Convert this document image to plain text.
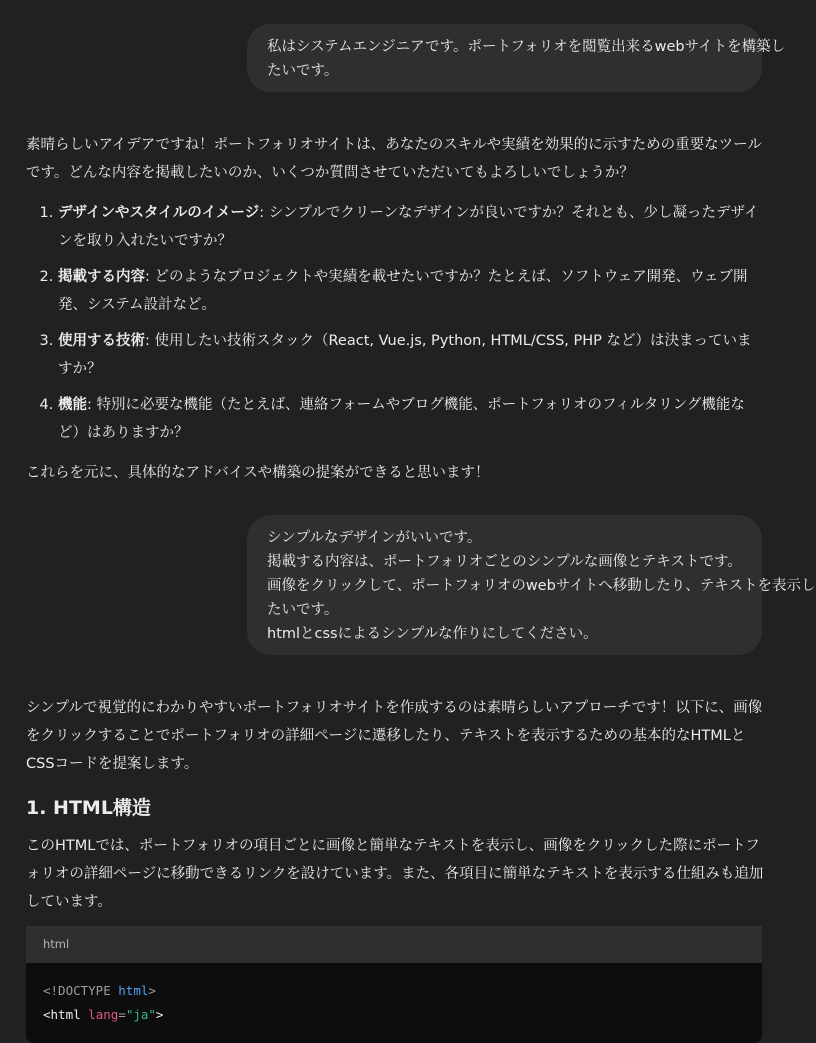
私はシステムエンジニアです。ポートフォリオを閲覧出来るwebサイトを構築し
たいです。

素晴らしいアイデアですね！ポートフォリオサイトは、あなたのスキルや実績を効果的に示すための重要なツールです。どんな内容を掲載したいのか、いくつか質問させていただいてもよろしいでしょうか？

1. デザインやスタイルのイメージ: シンプルでクリーンなデザインが良いですか？それとも、少し凝ったデザインを取り入れたいですか？
2. 掲載する内容: どのようなプロジェクトや実績を載せたいですか？たとえば、ソフトウェア開発、ウェブ開発、システム設計など。
3. 使用する技術: 使用したい技術スタック（React, Vue.js, Python, HTML/CSS, PHP など）は決まっていますか？
4. 機能: 特別に必要な機能（たとえば、連絡フォームやブログ機能、ポートフォリオのフィルタリング機能など）はありますか？

これらを元に、具体的なアドバイスや構築の提案ができると思います！

シンプルなデザインがいいです。
掲載する内容は、ポートフォリオごとのシンプルな画像とテキストです。
画像をクリックして、ポートフォリオのwebサイトへ移動したり、テキストを表示し
たいです。
htmlとcssによるシンプルな作りにしてください。

シンプルで視覚的にわかりやすいポートフォリオサイトを作成するのは素晴らしいアプローチです！以下に、画像をクリックすることでポートフォリオの詳細ページに遷移したり、テキストを表示するための基本的なHTMLとCSSコードを提案します。

1. HTML構造

このHTMLでは、ポートフォリオの項目ごとに画像と簡単なテキストを表示し、画像をクリックした際にポートフォリオの詳細ページに移動できるリンクを設けています。また、各項目に簡単なテキストを表示する仕組みも追加しています。

html
<!DOCTYPE html>
<html lang="ja">
